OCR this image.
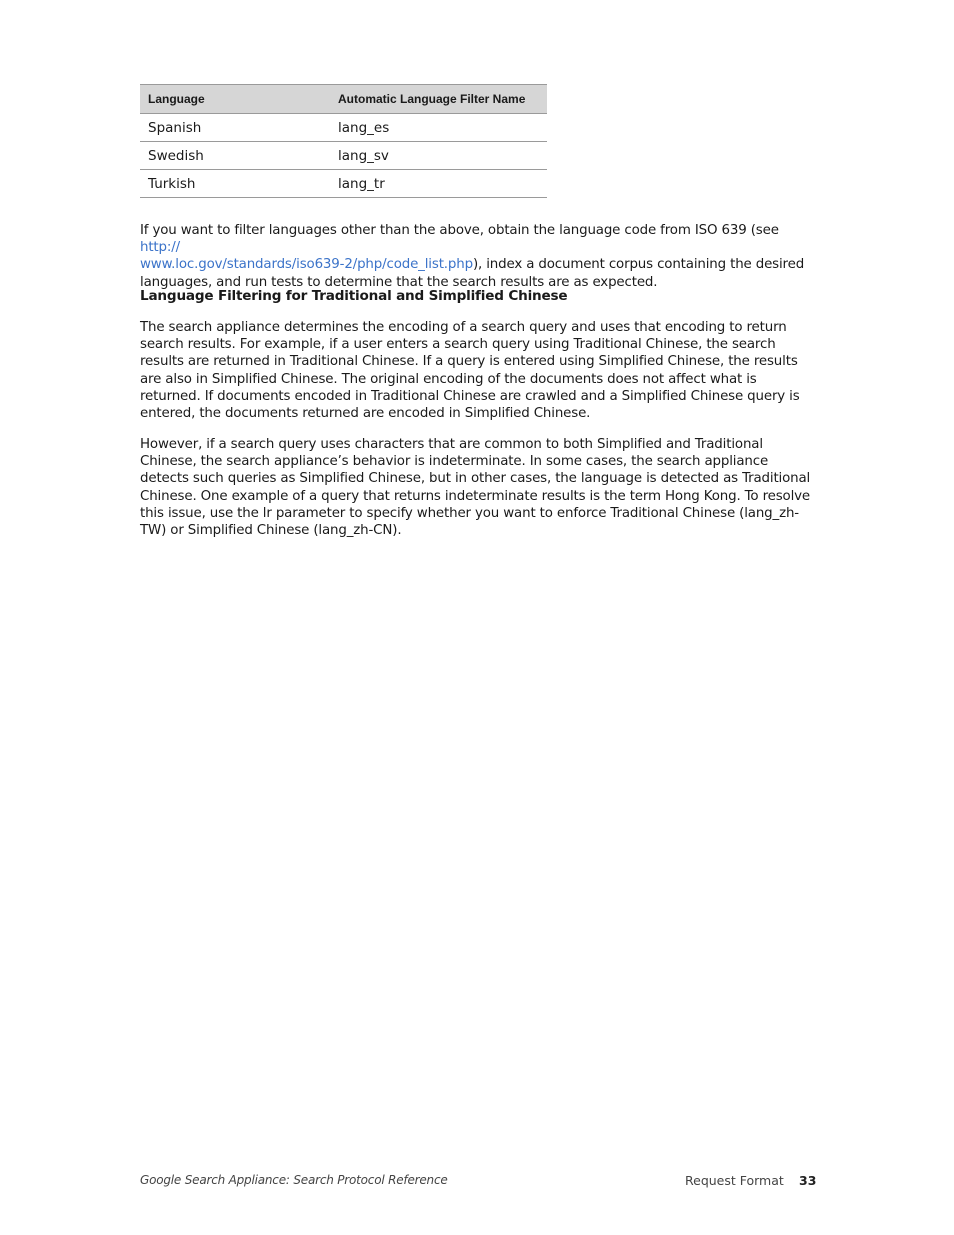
Language	Automatic Language Filter Name
Spanish	lang_es
Swedish	lang_sv
Turkish	lang_tr

If you want to filter languages other than the above, obtain the language code from ISO 639 (see http://
www.loc.gov/standards/iso639-2/php/code_list.php), index a document corpus containing the desired languages, and run tests to determine that the search results are as expected.

Language Filtering for Traditional and Simplified Chinese

The search appliance determines the encoding of a search query and uses that encoding to return search results. For example, if a user enters a search query using Traditional Chinese, the search results are returned in Traditional Chinese. If a query is entered using Simplified Chinese, the results are also in Simplified Chinese. The original encoding of the documents does not affect what is returned. If documents encoded in Traditional Chinese are crawled and a Simplified Chinese query is entered, the documents returned are encoded in Simplified Chinese.

However, if a search query uses characters that are common to both Simplified and Traditional Chinese, the search appliance’s behavior is indeterminate. In some cases, the search appliance detects such queries as Simplified Chinese, but in other cases, the language is detected as Traditional Chinese. One example of a query that returns indeterminate results is the term Hong Kong. To resolve this issue, use the lr parameter to specify whether you want to enforce Traditional Chinese (lang_zh-TW) or Simplified Chinese (lang_zh-CN).

Google Search Appliance: Search Protocol Reference	Request Format 33
